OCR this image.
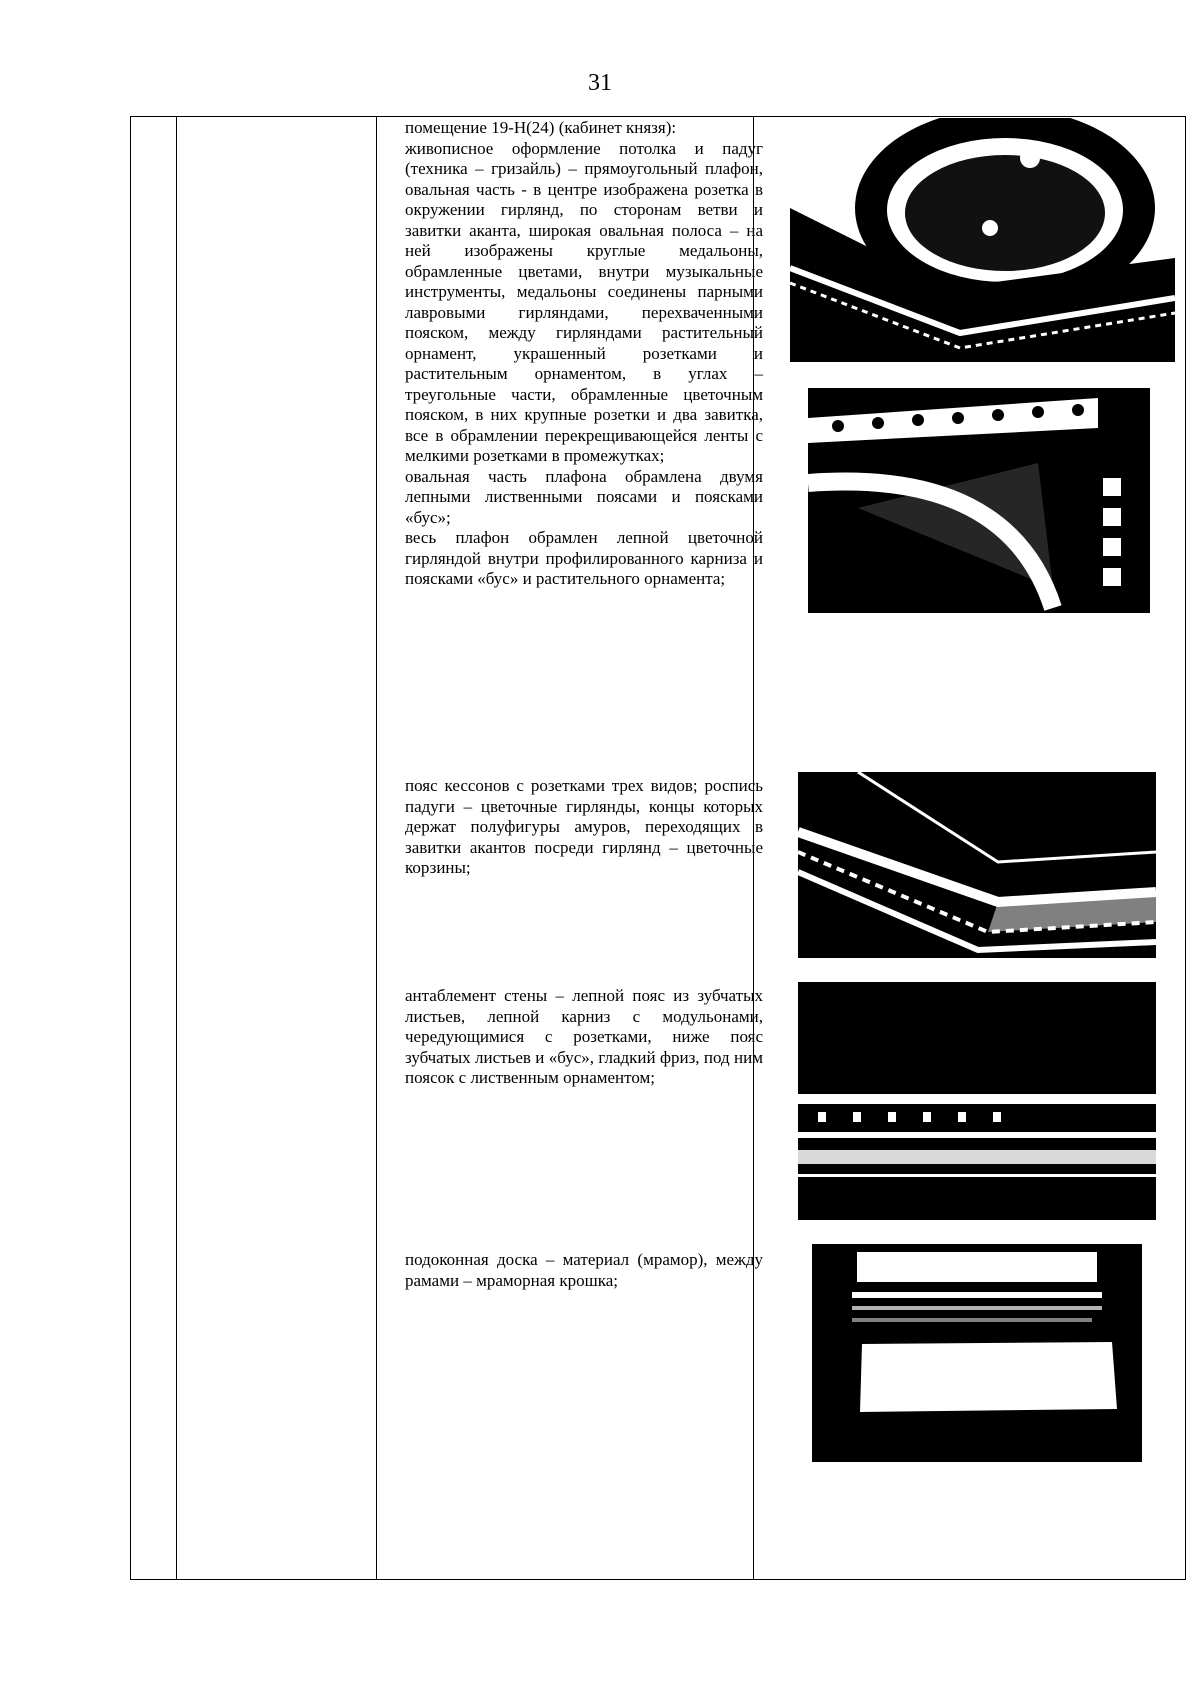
31

помещение 19-Н(24) (кабинет князя):

живописное оформление потолка и падуг (техника – гризайль) – прямоугольный плафон, овальная часть - в центре изображена розетка в окружении гирлянд, по сторонам ветви и завитки аканта, широкая овальная полоса – на ней изображены круглые медальоны, обрамленные цветами, внутри музыкальные инструменты, медальоны соединены парными лавровыми гирляндами, перехваченными пояском, между гирляндами растительный орнамент, украшенный розетками и растительным орнаментом, в углах – треугольные части, обрамленные цветочным пояском, в них крупные розетки и два завитка, все в обрамлении перекрещивающейся ленты с мелкими розетками в промежутках;

овальная часть плафона обрамлена двумя лепными лиственными поясами и поясками «бус»;

весь плафон обрамлен лепной цветочной гирляндой внутри профилированного карниза и поясками «бус» и растительного орнамента;

пояс кессонов с розетками трех видов; роспись падуги – цветочные гирлянды, концы которых держат полуфигуры амуров, переходящих в завитки акантов посреди гирлянд – цветочные корзины;

антаблемент стены – лепной пояс из зубчатых листьев, лепной карниз с модульонами, чередующимися с розетками, ниже пояс зубчатых листьев и «бус», гладкий фриз, под ним поясок с лиственным орнаментом;

подоконная доска – материал (мрамор), между рамами – мраморная крошка;
